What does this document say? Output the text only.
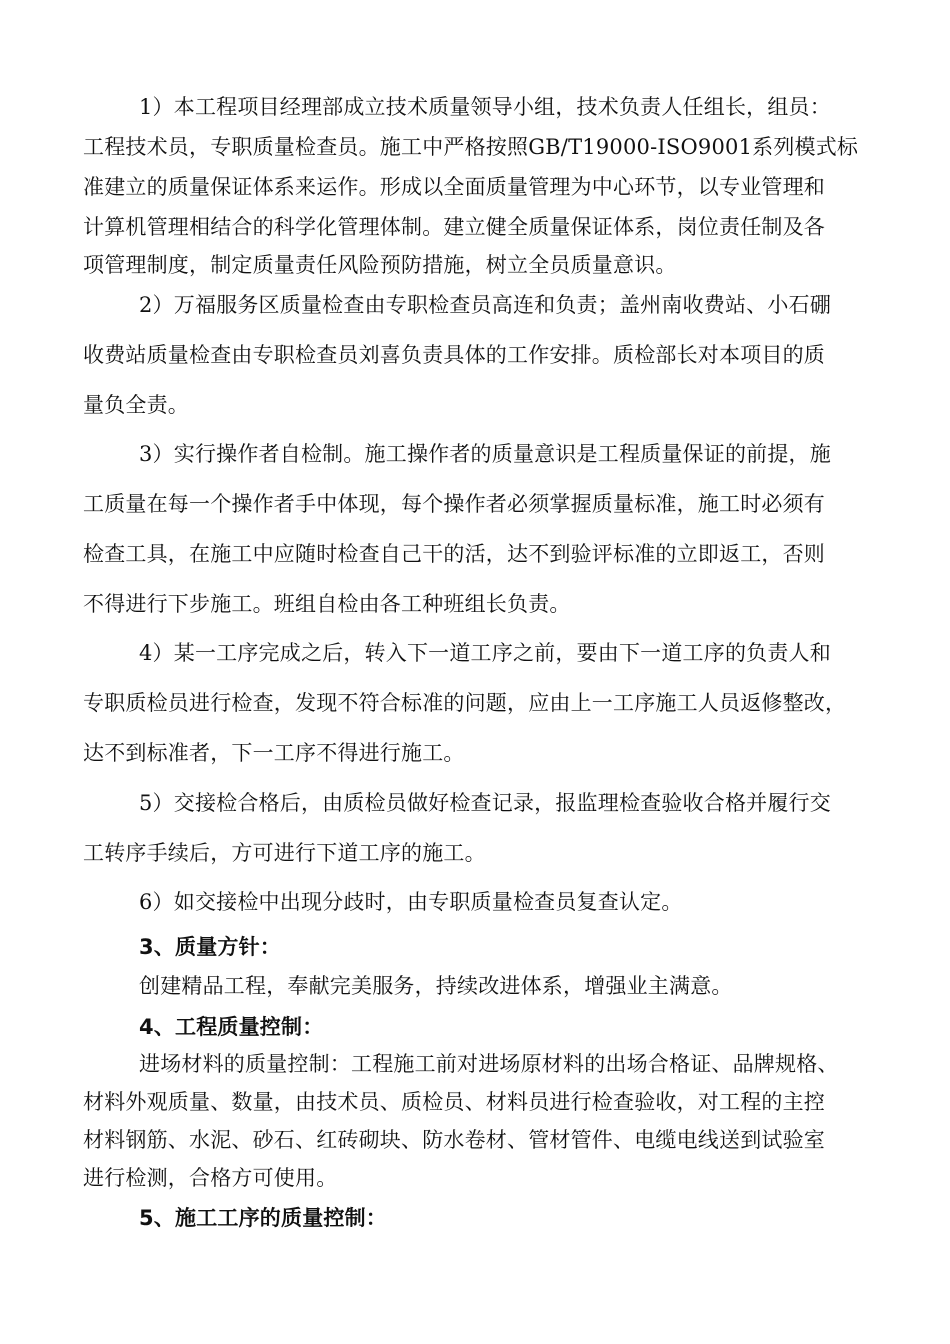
1）本工程项目经理部成立技术质量领导小组，技术负责人任组长，组员：
工程技术员，专职质量检查员。施工中严格按照GB/T19000-ISO9001系列模式标
准建立的质量保证体系来运作。形成以全面质量管理为中心环节，以专业管理和
计算机管理相结合的科学化管理体制。建立健全质量保证体系，岗位责任制及各
项管理制度，制定质量责任风险预防措施，树立全员质量意识。
2）万福服务区质量检查由专职检查员高连和负责；盖州南收费站、小石硼
收费站质量检查由专职检查员刘喜负责具体的工作安排。质检部长对本项目的质
量负全责。
3）实行操作者自检制。施工操作者的质量意识是工程质量保证的前提，施
工质量在每一个操作者手中体现，每个操作者必须掌握质量标准，施工时必须有
检查工具，在施工中应随时检查自己干的活，达不到验评标准的立即返工，否则
不得进行下步施工。班组自检由各工种班组长负责。
4）某一工序完成之后，转入下一道工序之前，要由下一道工序的负责人和
专职质检员进行检查，发现不符合标准的问题，应由上一工序施工人员返修整改，
达不到标准者，下一工序不得进行施工。
5）交接检合格后，由质检员做好检查记录，报监理检查验收合格并履行交
工转序手续后，方可进行下道工序的施工。
6）如交接检中出现分歧时，由专职质量检查员复查认定。
3、质量方针：
创建精品工程，奉献完美服务，持续改进体系，增强业主满意。
4、工程质量控制：
进场材料的质量控制：工程施工前对进场原材料的出场合格证、品牌规格、
材料外观质量、数量，由技术员、质检员、材料员进行检查验收，对工程的主控
材料钢筋、水泥、砂石、红砖砌块、防水卷材、管材管件、电缆电线送到试验室
进行检测，合格方可使用。
5、施工工序的质量控制：
